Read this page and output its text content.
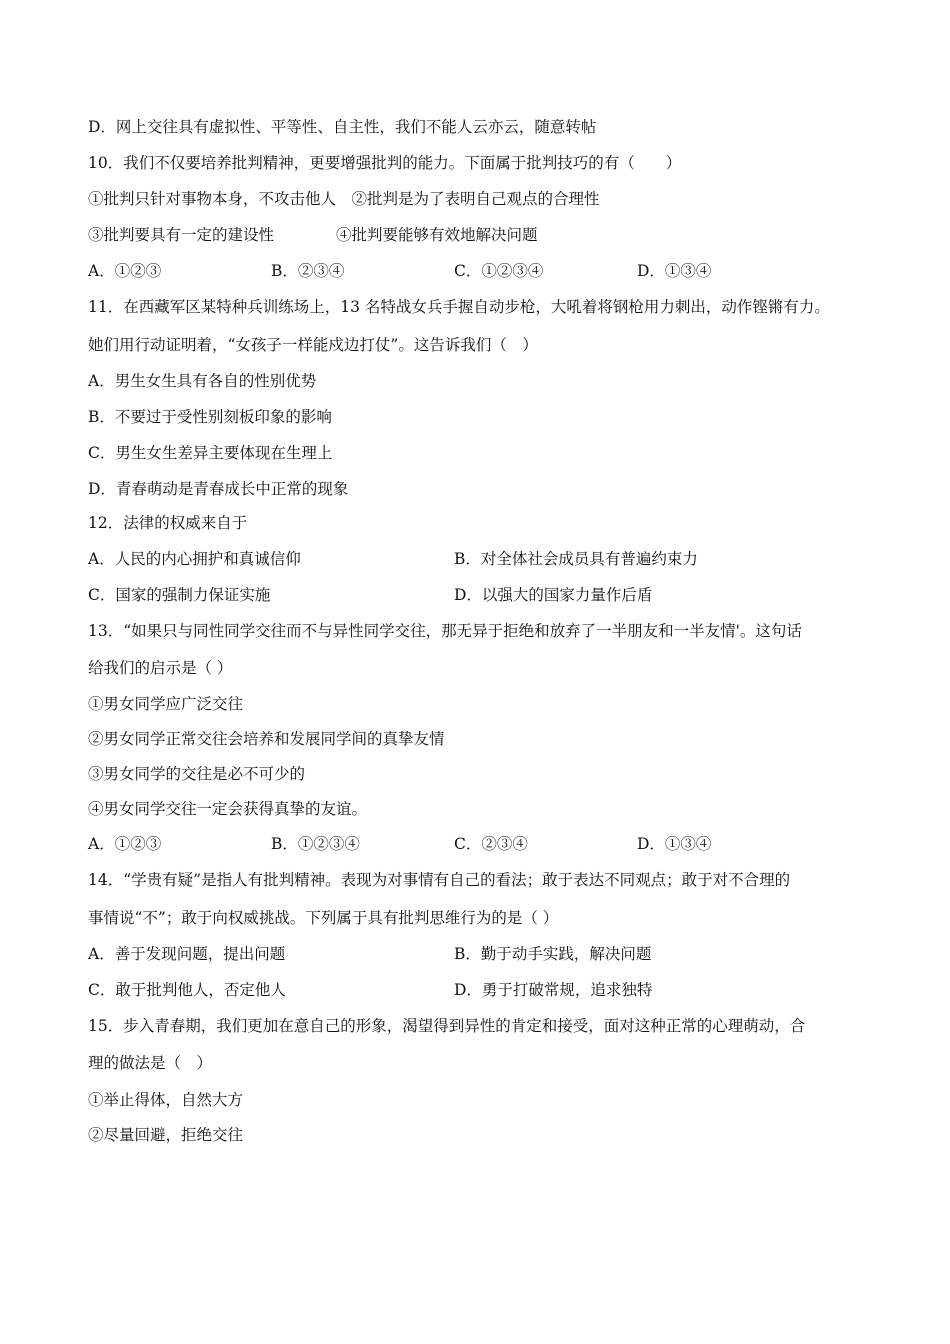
D．网上交往具有虚拟性、平等性、自主性，我们不能人云亦云，随意转帖
10．我们不仅要培养批判精神，更要增强批判的能力。下面属于批判技巧的有（　　）
①批判只针对事物本身，不攻击他人　②批判是为了表明自己观点的合理性
③批判要具有一定的建设性　　　　④批判要能够有效地解决问题
A．①②③	B．②③④	C．①②③④	D．①③④
11．在西藏军区某特种兵训练场上，13 名特战女兵手握自动步枪，大吼着将钢枪用力刺出，动作铿锵有力。
她们用行动证明着，“女孩子一样能戍边打仗”。这告诉我们（　）
A．男生女生具有各自的性别优势
B．不要过于受性别刻板印象的影响
C．男生女生差异主要体现在生理上
D．青春萌动是青春成长中正常的现象
12．法律的权威来自于
A．人民的内心拥护和真诚信仰	B．对全体社会成员具有普遍约束力
C．国家的强制力保证实施	D．以强大的国家力量作后盾
13．“如果只与同性同学交往而不与异性同学交往，那无异于拒绝和放弃了一半朋友和一半友情'。这句话
给我们的启示是（ ）
①男女同学应广泛交往
②男女同学正常交往会培养和发展同学间的真挚友情
③男女同学的交往是必不可少的
④男女同学交往一定会获得真挚的友谊。
A．①②③	B．①②③④	C．②③④	D．①③④
14．“学贵有疑”是指人有批判精神。表现为对事情有自己的看法；敢于表达不同观点；敢于对不合理的
事情说“不”；敢于向权威挑战。下列属于具有批判思维行为的是（ ）
A．善于发现问题，提出问题	B．勤于动手实践，解决问题
C．敢于批判他人，否定他人	D．勇于打破常规，追求独特
15．步入青春期，我们更加在意自己的形象，渴望得到异性的肯定和接受，面对这种正常的心理萌动，合
理的做法是（　）
①举止得体，自然大方
②尽量回避，拒绝交往
